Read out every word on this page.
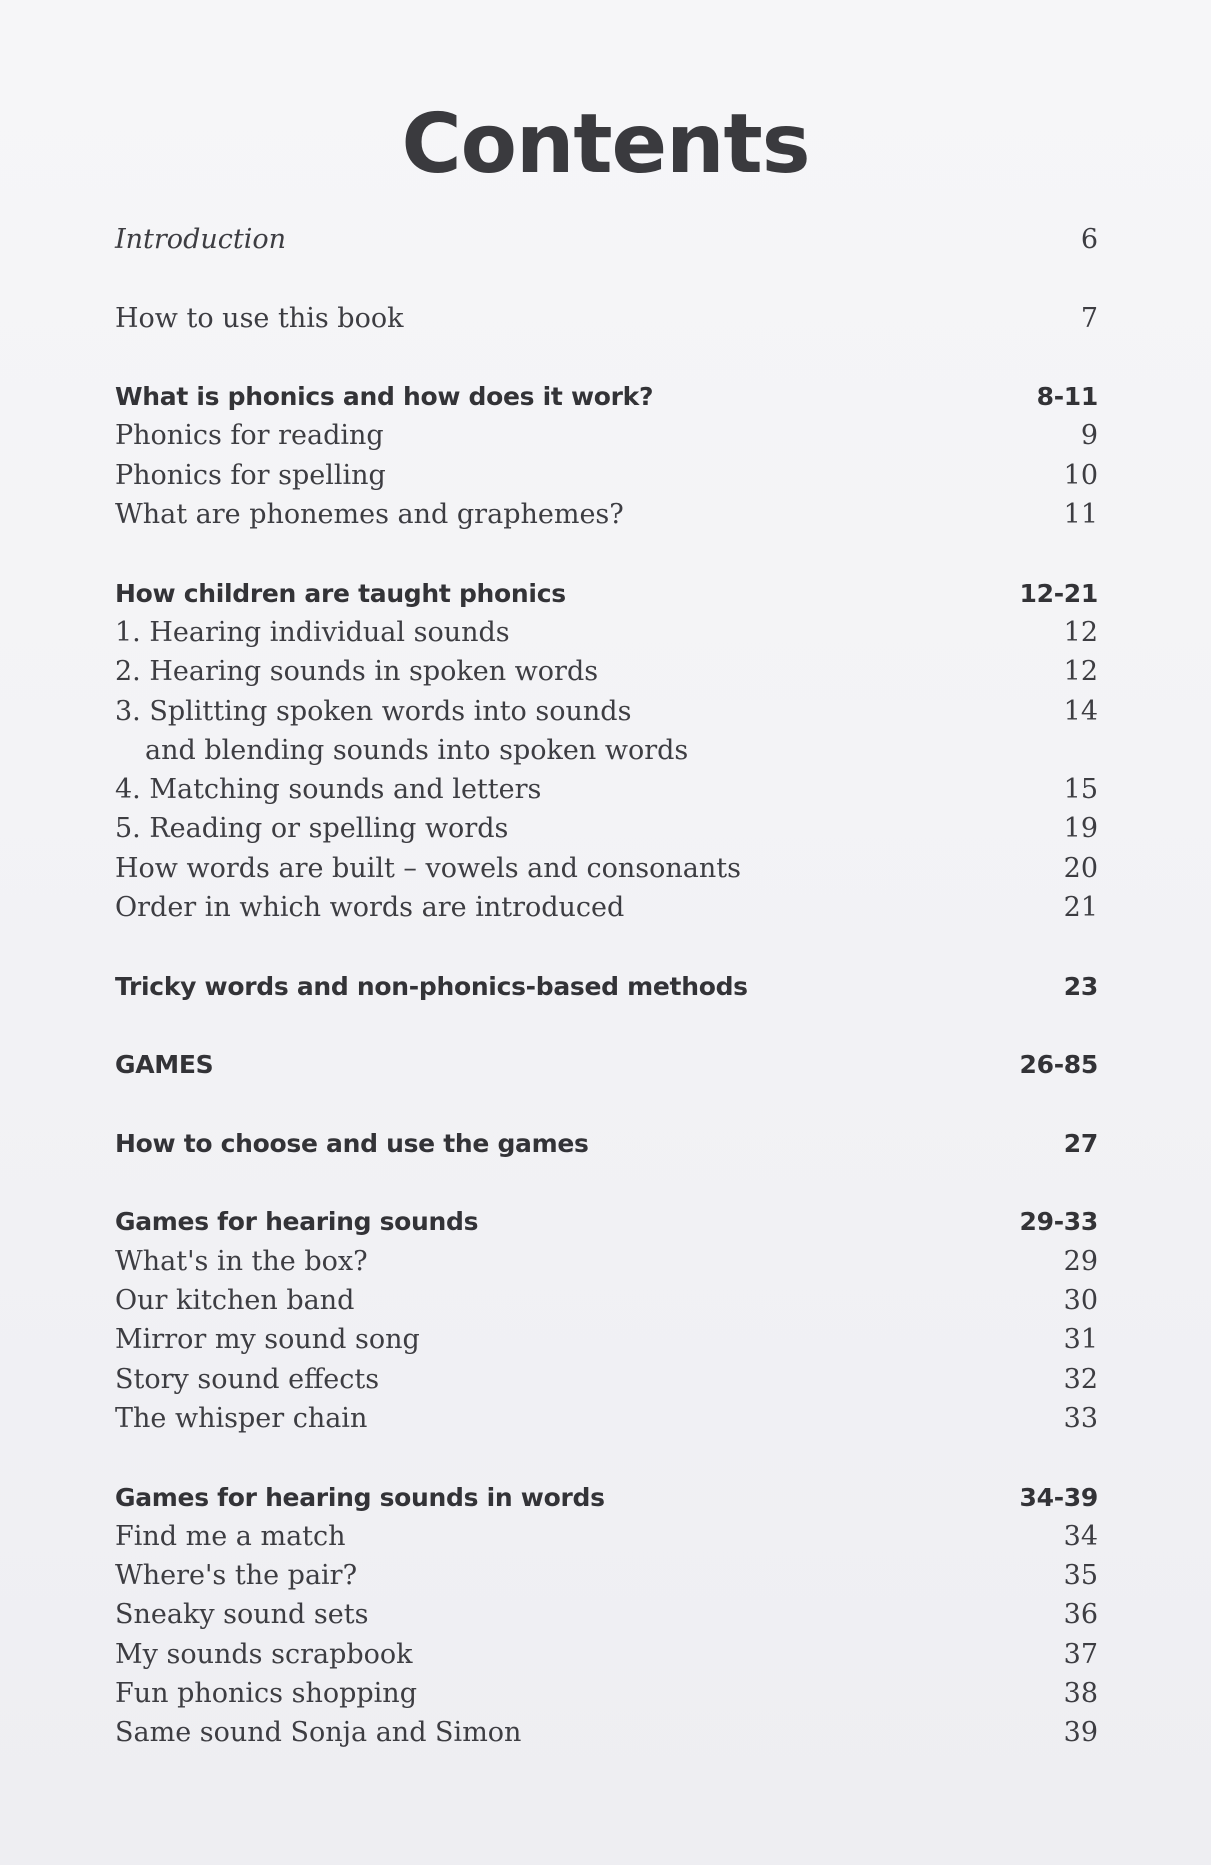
Contents
Introduction	6
How to use this book	7
What is phonics and how does it work?	8-11
Phonics for reading	9
Phonics for spelling	10
What are phonemes and graphemes?	11
How children are taught phonics	12-21
1. Hearing individual sounds	12
2. Hearing sounds in spoken words	12
3. Splitting spoken words into sounds	14
and blending sounds into spoken words
4. Matching sounds and letters	15
5. Reading or spelling words	19
How words are built – vowels and consonants	20
Order in which words are introduced	21
Tricky words and non-phonics-based methods	23
GAMES	26-85
How to choose and use the games	27
Games for hearing sounds	29-33
What's in the box?	29
Our kitchen band	30
Mirror my sound song	31
Story sound effects	32
The whisper chain	33
Games for hearing sounds in words	34-39
Find me a match	34
Where's the pair?	35
Sneaky sound sets	36
My sounds scrapbook	37
Fun phonics shopping	38
Same sound Sonja and Simon	39
